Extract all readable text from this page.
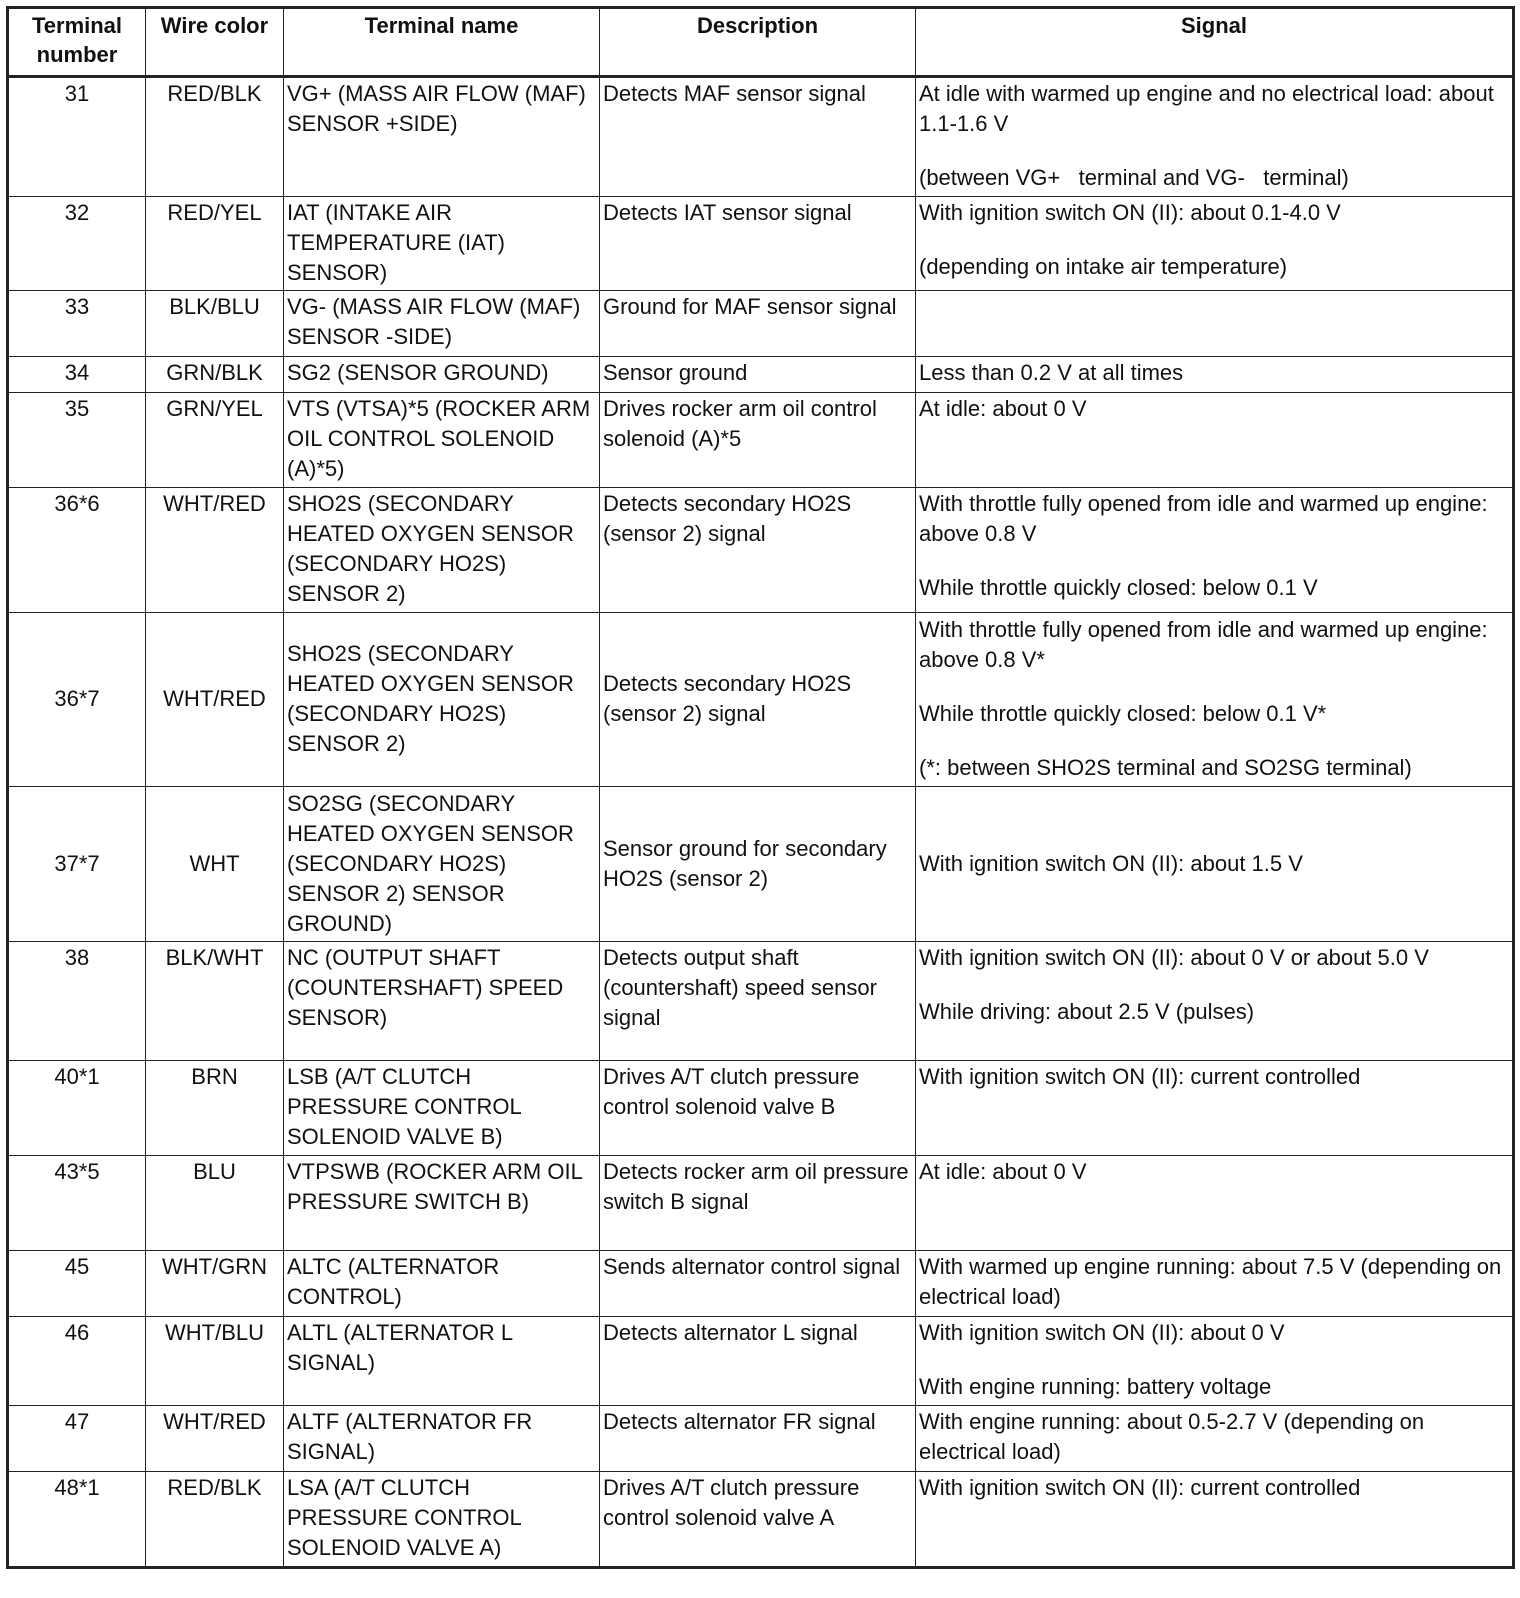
Terminal number	Wire color	Terminal name	Description	Signal
31	RED/BLK	VG+ (MASS AIR FLOW (MAF) SENSOR +SIDE)	Detects MAF sensor signal	At idle with warmed up engine and no electrical load: about 1.1-1.6 V
(between VG+   terminal and VG-   terminal)

32	RED/YEL	IAT (INTAKE AIR TEMPERATURE (IAT) SENSOR)	Detects IAT sensor signal	With ignition switch ON (II): about 0.1-4.0 V
(depending on intake air temperature)

33	BLK/BLU	VG- (MASS AIR FLOW (MAF) SENSOR -SIDE)	Ground for MAF sensor signal	
34	GRN/BLK	SG2 (SENSOR GROUND)	Sensor ground	Less than 0.2 V at all times

35	GRN/YEL	VTS (VTSA)*5 (ROCKER ARM OIL CONTROL SOLENOID (A)*5)	Drives rocker arm oil control solenoid (A)*5	At idle: about 0 V

36*6	WHT/RED	SHO2S (SECONDARY HEATED OXYGEN SENSOR (SECONDARY HO2S) SENSOR 2)	Detects secondary HO2S (sensor 2) signal	With throttle fully opened from idle and warmed up engine: above 0.8 V
While throttle quickly closed: below 0.1 V

36*7	WHT/RED	SHO2S (SECONDARY HEATED OXYGEN SENSOR (SECONDARY HO2S) SENSOR 2)	Detects secondary HO2S (sensor 2) signal	With throttle fully opened from idle and warmed up engine: above 0.8 V*
While throttle quickly closed: below 0.1 V*
(*: between SHO2S terminal and SO2SG terminal)

37*7	WHT	SO2SG (SECONDARY HEATED OXYGEN SENSOR (SECONDARY HO2S) SENSOR 2) SENSOR GROUND)	Sensor ground for secondary HO2S (sensor 2)	With ignition switch ON (II): about 1.5 V

38	BLK/WHT	NC (OUTPUT SHAFT (COUNTERSHAFT) SPEED SENSOR)	Detects output shaft (countershaft) speed sensor signal	With ignition switch ON (II): about 0 V or about 5.0 V
While driving: about 2.5 V (pulses)

40*1	BRN	LSB (A/T CLUTCH PRESSURE CONTROL SOLENOID VALVE B)	Drives A/T clutch pressure control solenoid valve B	With ignition switch ON (II): current controlled

43*5	BLU	VTPSWB (ROCKER ARM OIL PRESSURE SWITCH B)	Detects rocker arm oil pressure switch B signal	At idle: about 0 V

45	WHT/GRN	ALTC (ALTERNATOR CONTROL)	Sends alternator control signal	With warmed up engine running: about 7.5 V (depending on electrical load)

46	WHT/BLU	ALTL (ALTERNATOR L SIGNAL)	Detects alternator L signal	With ignition switch ON (II): about 0 V
With engine running: battery voltage

47	WHT/RED	ALTF (ALTERNATOR FR SIGNAL)	Detects alternator FR signal	With engine running: about 0.5-2.7 V (depending on electrical load)

48*1	RED/BLK	LSA (A/T CLUTCH PRESSURE CONTROL SOLENOID VALVE A)	Drives A/T clutch pressure control solenoid valve A	With ignition switch ON (II): current controlled
